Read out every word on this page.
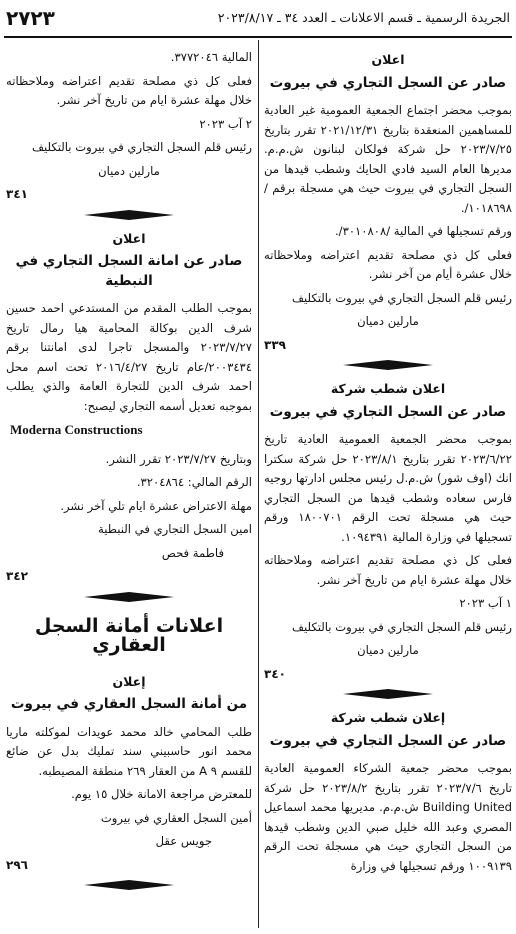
الجريدة الرسمية ـ قسم الاعلانات ـ العدد ٣٤ ـ ٢٠٢٣/٨/١٧
٢٧٢٣
اعلان
صادر عن السجل التجاري في بيروت

بموجب محضر اجتماع الجمعية العمومية غير العادية للمساهمين المنعقدة بتاريخ ٢٠٢١/١٢/٣١ تقرر بتاريخ ٢٠٢٣/٧/٢٥ حل شركة فولكان لبنانون ش.م.م. مديرها العام السيد فادي الحايك وشطب قيدها من السجل التجاري في بيروت حيث هي مسجلة برقم /١٠١٨٦٩٨/.

ورقم تسجيلها في المالية /٣٠١٠٨٠٨/.

فعلى كل ذي مصلحة تقديم اعتراضه وملاحظاته خلال عشرة أيام من آخر نشر.

رئيس قلم السجل التجاري في بيروت بالتكليف

مارلين دميان

٣٣٩
اعلان شطب شركة
صادر عن السجل التجاري في بيروت

بموجب محضر الجمعية العمومية العادية تاريخ ٢٠٢٣/٦/٢٢ تقرر بتاريخ ٢٠٢٣/٨/١ حل شركة سكترا انك (اوف شور) ش.م.ل رئيس مجلس ادارتها روجيه فارس سعاده وشطب قيدها من السجل التجاري حيث هي مسجلة تحت الرقم ١٨٠٠٧٠١ ورقم تسجيلها في وزارة المالية ١٠٩٤٣٩١.

فعلى كل ذي مصلحة تقديم اعتراضه وملاحظاته خلال مهلة عشرة ايام من تاريخ آخر نشر.

١ آب ٢٠٢٣

رئيس قلم السجل التجاري في بيروت بالتكليف

مارلين دميان

٣٤٠
إعلان شطب شركة
صادر عن السجل التجاري في بيروت

بموجب محضر جمعية الشركاء العمومية العادية تاريخ ٢٠٢٣/٧/٦ تقرر بتاريخ ٢٠٢٣/٨/٢ حل شركة Building United ش.م.م. مديريها محمد اسماعيل المصري وعبد الله خليل صبي الدين وشطب قيدها من السجل التجاري حيث هي مسجلة تحت الرقم ١٠٠٩١٣٩ ورقم تسجيلها في وزارة

المالية ٣٧٧٢٠٤٦.

فعلى كل ذي مصلحة تقديم اعتراضه وملاحظاته خلال مهلة عشرة ايام من تاريخ آخر نشر.

٢ آب ٢٠٢٣

رئيس قلم السجل التجاري في بيروت بالتكليف

مارلين دميان

٣٤١
اعلان
صادر عن امانة السجل التجاري في النبطية

بموجب الطلب المقدم من المستدعي احمد حسين شرف الدين بوكالة المحامية هيا رمال تاريخ ٢٠٢٣/٧/٢٧ والمسجل تاجرا لدى امانتنا برقم ٢٠٠٣٤٣٤/عام تاريخ ٢٠١٦/٤/٢٧ تحت اسم محل احمد شرف الدين للتجارة العامة والذي يطلب بموجبه تعديل أسمه التجاري ليصبح:

Moderna Constructions

وبتاريخ ٢٠٢٣/٧/٢٧ تقرر النشر.

الرقم المالي: ٣٢٠٤٨٦٤.

مهلة الاعتراض عشرة ايام تلي آخر نشر.

امين السجل التجاري في النبطية

فاطمة فحص

٣٤٢
اعلانات أمانة السجل العقاري
إعلان
من أمانة السجل العقاري في بيروت

طلب المحامي خالد محمد عويدات لموكلته ماريا محمد انور حاسبيني سند تمليك بدل عن ضائع للقسم ٩ A من العقار ٢٦٩ منطقة المصيطبه.

للمعترض مراجعة الامانة خلال ١٥ يوم.

أمين السجل العقاري في بيروت

جويس عقل

٢٩٦
